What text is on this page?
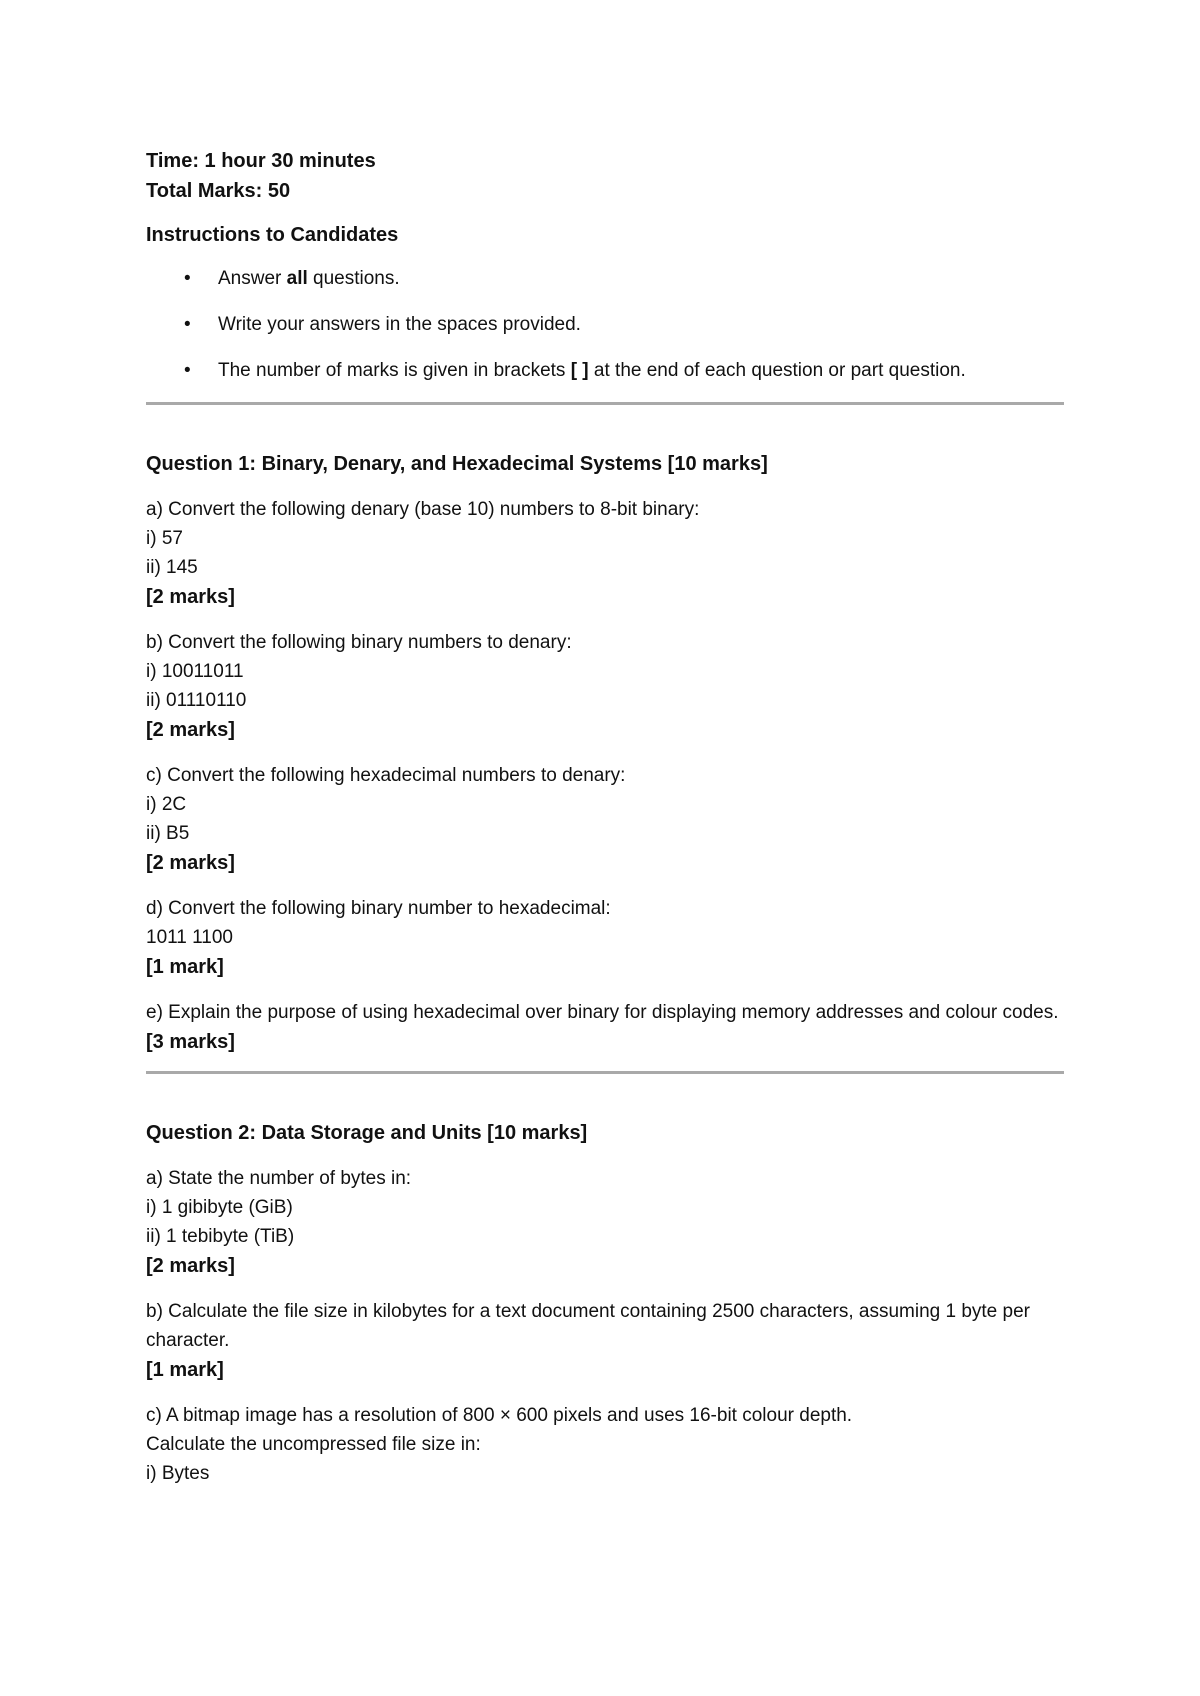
Time: 1 hour 30 minutes
Total Marks: 50
Instructions to Candidates
•	Answer all questions.
•	Write your answers in the spaces provided.
•	The number of marks is given in brackets [ ] at the end of each question or part question.
Question 1: Binary, Denary, and Hexadecimal Systems [10 marks]
a) Convert the following denary (base 10) numbers to 8-bit binary:
i) 57
ii) 145
[2 marks]
b) Convert the following binary numbers to denary:
i) 10011011
ii) 01110110
[2 marks]
c) Convert the following hexadecimal numbers to denary:
i) 2C
ii) B5
[2 marks]
d) Convert the following binary number to hexadecimal:
1011 1100
[1 mark]
e) Explain the purpose of using hexadecimal over binary for displaying memory addresses and colour codes.
[3 marks]
Question 2: Data Storage and Units [10 marks]
a) State the number of bytes in:
i) 1 gibibyte (GiB)
ii) 1 tebibyte (TiB)
[2 marks]
b) Calculate the file size in kilobytes for a text document containing 2500 characters, assuming 1 byte per character.
[1 mark]
c) A bitmap image has a resolution of 800 × 600 pixels and uses 16-bit colour depth.
Calculate the uncompressed file size in:
i) Bytes
